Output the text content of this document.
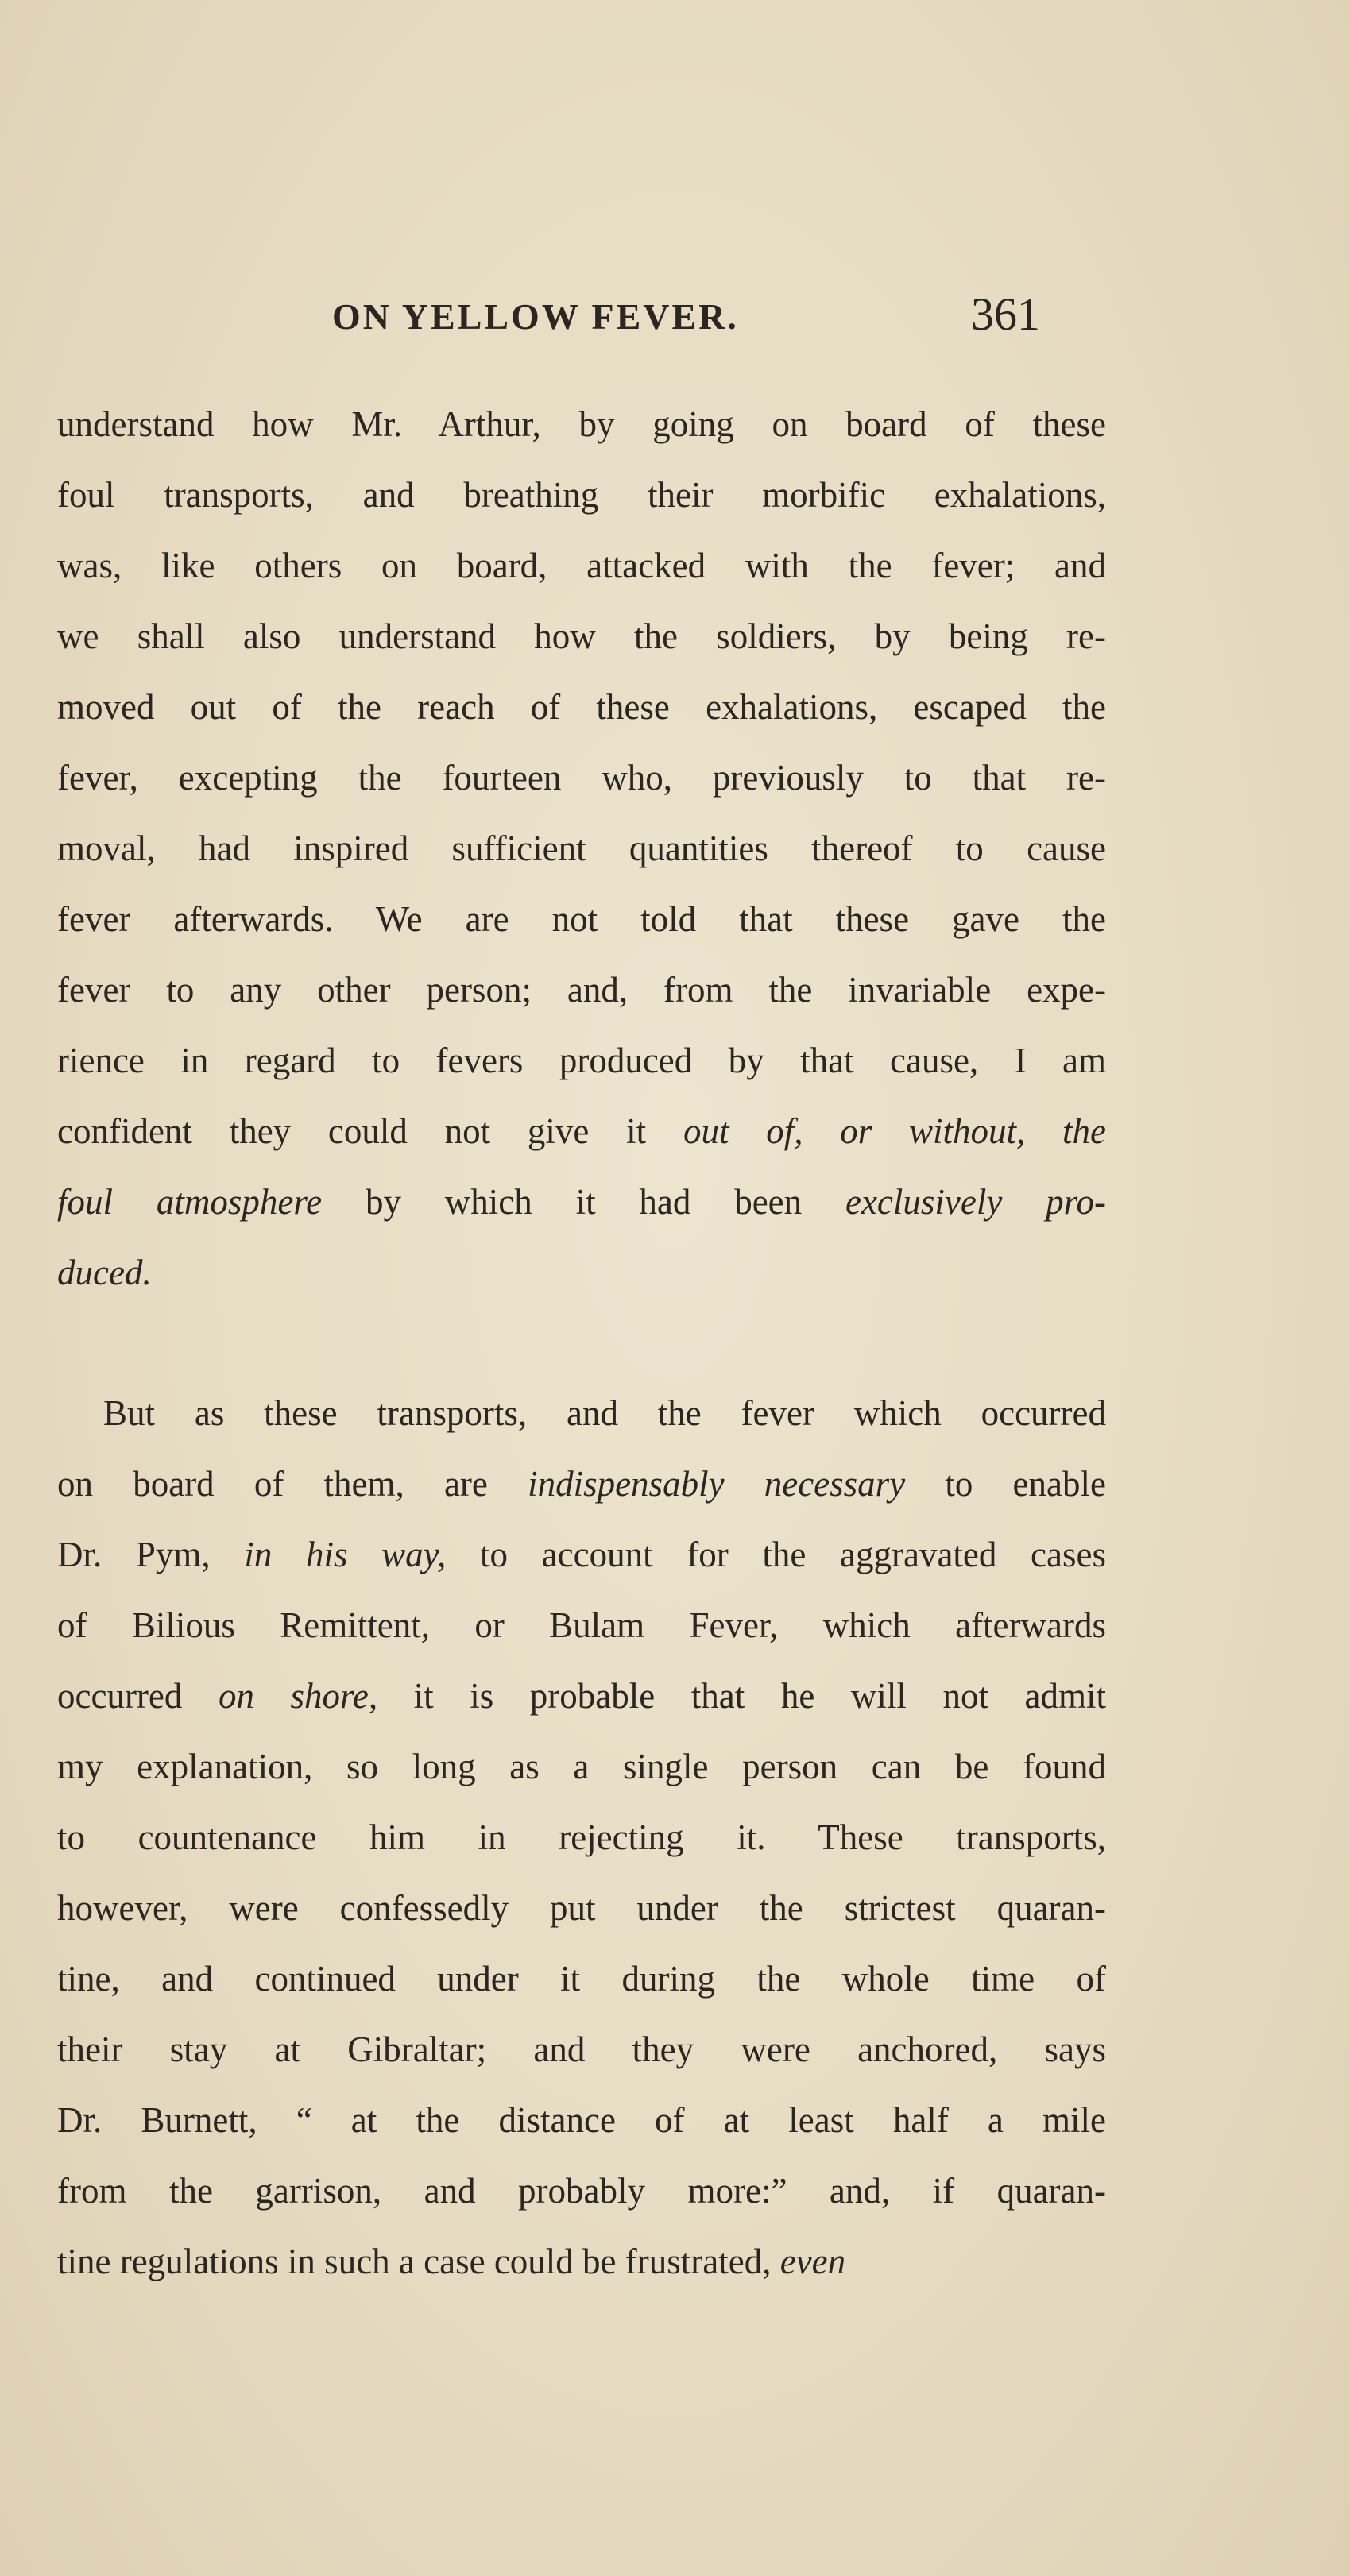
ON YELLOW FEVER.	361
understand how Mr. Arthur, by going on board of these
foul transports, and breathing their morbific exhalations,
was, like others on board, attacked with the fever; and
we shall also understand how the soldiers, by being re-
moved out of the reach of these exhalations, escaped the
fever, excepting the fourteen who, previously to that re-
moval, had inspired sufficient quantities thereof to cause
fever afterwards. We are not told that these gave the
fever to any other person; and, from the invariable expe-
rience in regard to fevers produced by that cause, I am
confident they could not give it out of, or without, the
foul atmosphere by which it had been exclusively pro-
duced.
But as these transports, and the fever which occurred
on board of them, are indispensably necessary to enable
Dr. Pym, in his way, to account for the aggravated cases
of Bilious Remittent, or Bulam Fever, which afterwards
occurred on shore, it is probable that he will not admit
my explanation, so long as a single person can be found
to countenance him in rejecting it. These transports,
however, were confessedly put under the strictest quaran-
tine, and continued under it during the whole time of
their stay at Gibraltar; and they were anchored, says
Dr. Burnett, “ at the distance of at least half a mile
from the garrison, and probably more:” and, if quaran-
tine regulations in such a case could be frustrated, even
